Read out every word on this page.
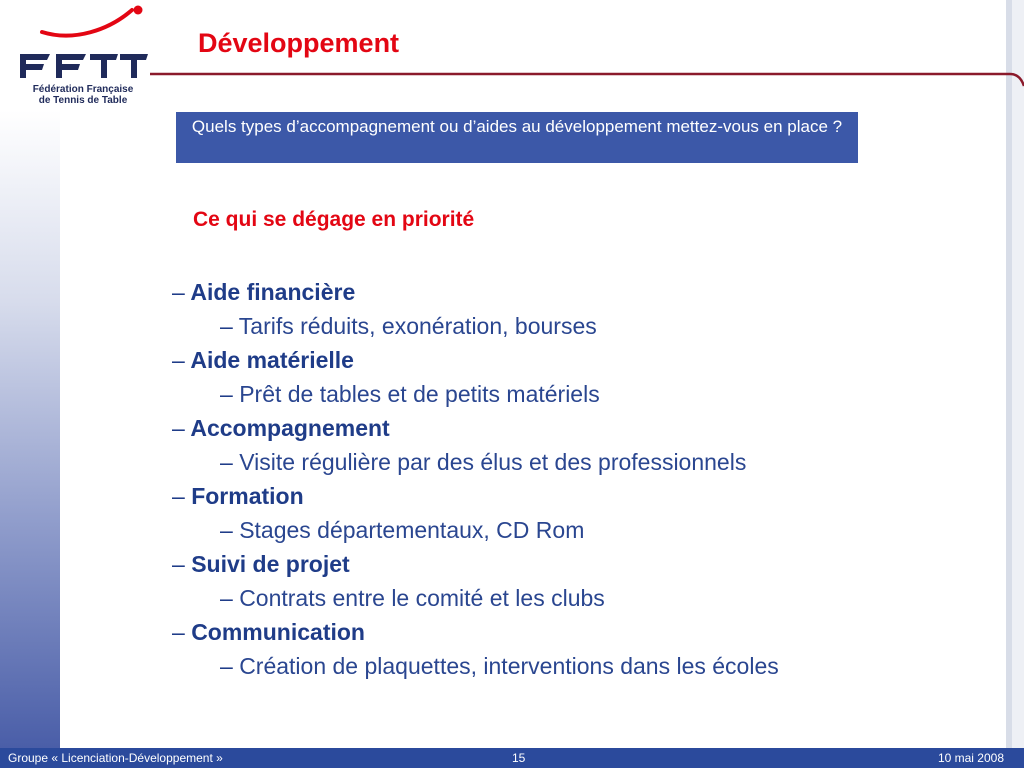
Fédération Française
de Tennis de Table
Développement
Quels types d’accompagnement ou d’aides au développement mettez-vous en place ?
Ce qui se dégage en priorité
– Aide financière
– Tarifs réduits, exonération, bourses
– Aide matérielle
– Prêt de tables et de petits matériels
– Accompagnement
– Visite régulière par des élus et des professionnels
– Formation
– Stages départementaux, CD Rom
– Suivi de projet
– Contrats entre le comité et les clubs
– Communication
– Création de plaquettes, interventions dans les écoles
Groupe « Licenciation-Développement »	15	10 mai 2008
